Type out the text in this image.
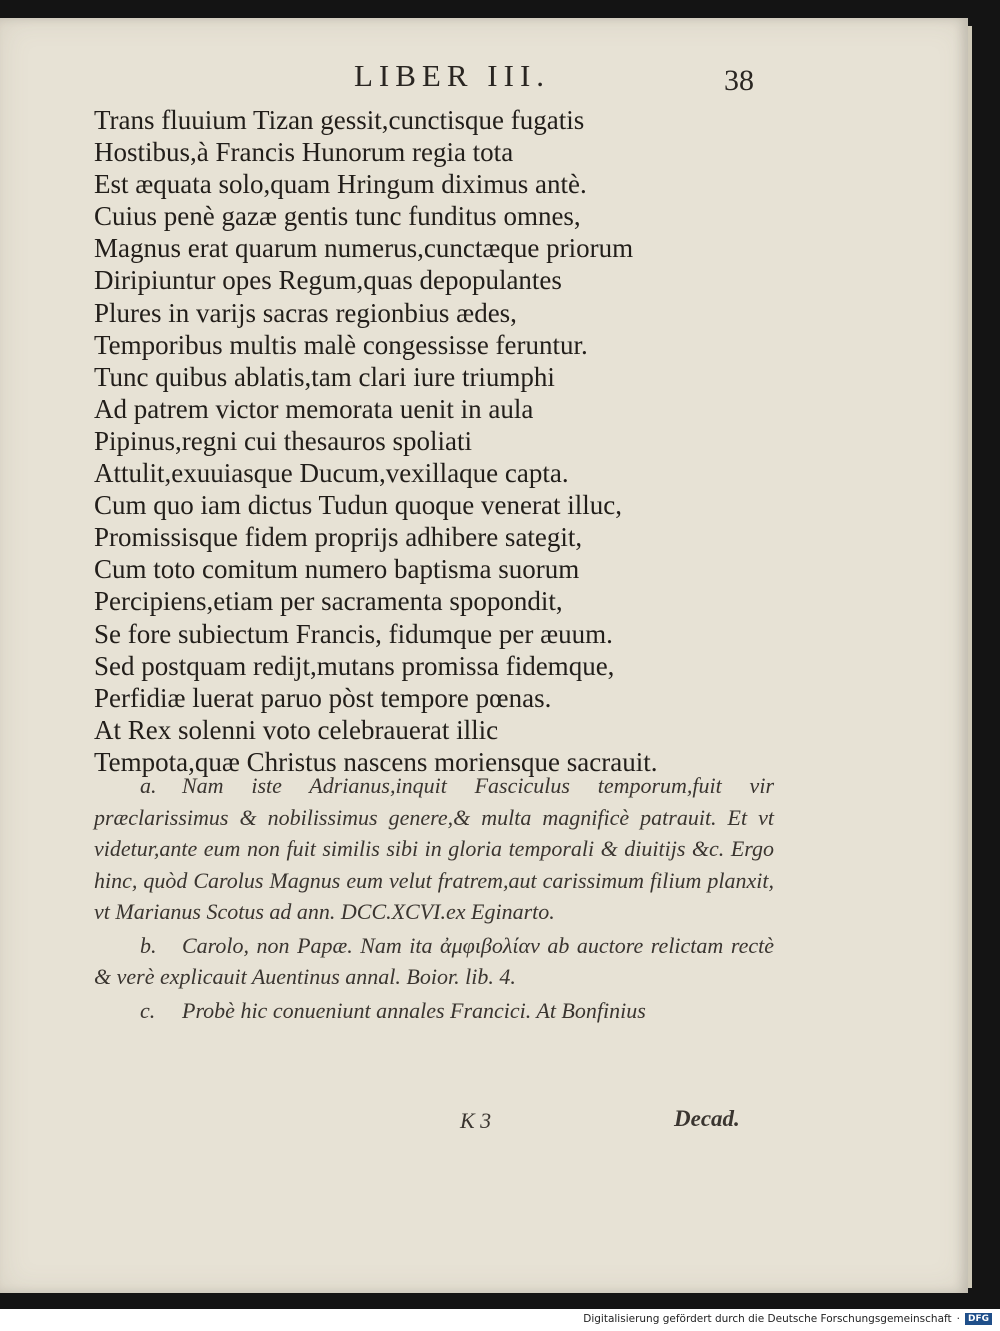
LIBER III.	38
Trans fluuium Tizan gessit,cunctisque fugatis
Hostibus,à Francis Hunorum regia tota
Est æquata solo,quam Hringum diximus antè.
Cuius penè gazæ gentis tunc funditus omnes,
Magnus erat quarum numerus,cunctæque priorum
Diripiuntur opes Regum,quas depopulantes
Plures in varijs sacras regionbius ædes,
Temporibus multis malè congessisse feruntur.
Tunc quibus ablatis,tam clari iure triumphi
Ad patrem victor memorata uenit in aula
Pipinus,regni cui thesauros spoliati
Attulit,exuuiasque Ducum,vexillaque capta.
Cum quo iam dictus Tudun quoque venerat illuc,
Promissisque fidem proprijs adhibere sategit,
Cum toto comitum numero baptisma suorum
Percipiens,etiam per sacramenta spopondit,
Se fore subiectum Francis, fidumque per æuum.
Sed postquam redijt,mutans promissa fidemque,
Perfidiæ luerat paruo pòst tempore pœnas.
At Rex solenni voto celebrauerat illic
Tempota,quæ Christus nascens moriensque sacrauit.

a. Nam iste Adrianus,inquit Fasciculus temporum,fuit vir præclarissimus & nobilissimus genere,& multa magnificè patrauit. Et vt videtur,ante eum non fuit similis sibi in gloria temporali & diuitijs &c. Ergo hinc, quòd Carolus Magnus eum velut fratrem,aut carissimum filium planxit, vt Marianus Scotus ad ann. DCC.XCVI.ex Eginarto.

b. Carolo, non Papæ. Nam ita ἀμφιβολίαν ab auctore relictam rectè & verè explicauit Auentinus annal. Boior. lib. 4.

c. Probè hic conueniunt annales Francici. At Bonfinius

K 3	Decad.
Digitalisierung gefördert durch die Deutsche Forschungsgemeinschaft · DFG
